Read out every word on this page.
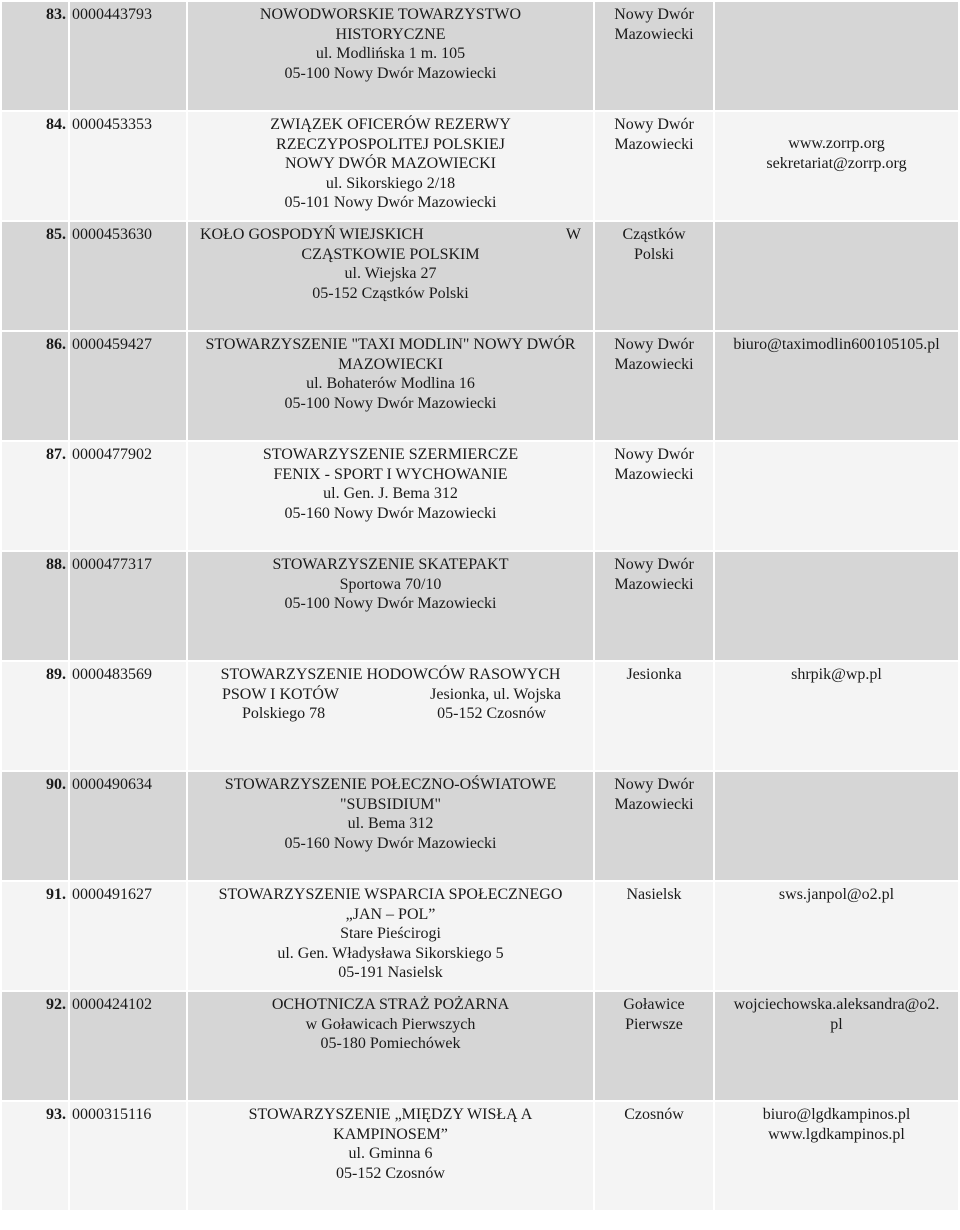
83.	0000443793	NOWODWORSKIE TOWARZYSTWO
HISTORYCZNE
ul. Modlińska 1 m. 105
05-100 Nowy Dwór Mazowiecki	Nowy Dwór
Mazowiecki	

84.	0000453353	ZWIĄZEK OFICERÓW REZERWY
RZECZYPOSPOLITEJ POLSKIEJ
NOWY DWÓR MAZOWIECKI
ul. Sikorskiego 2/18
05-101 Nowy Dwór Mazowiecki	Nowy Dwór
Mazowiecki	www.zorrp.org
sekretariat@zorrp.org

85.	0000453630	KOŁO GOSPODYŃ WIEJSKICH W
CZĄSTKOWIE POLSKIM
ul. Wiejska 27
05-152 Cząstków Polski	Cząstków
Polski	

86.	0000459427	STOWARZYSZENIE "TAXI MODLIN" NOWY DWÓR
MAZOWIECKI
ul. Bohaterów Modlina 16
05-100 Nowy Dwór Mazowiecki	Nowy Dwór
Mazowiecki	biuro@taximodlin600105105.pl

87.	0000477902	STOWARZYSZENIE SZERMIERCZE
FENIX - SPORT I WYCHOWANIE
ul. Gen. J. Bema 312
05-160 Nowy Dwór Mazowiecki	Nowy Dwór
Mazowiecki	

88.	0000477317	STOWARZYSZENIE SKATEPAKT
Sportowa 70/10
05-100 Nowy Dwór Mazowiecki	Nowy Dwór
Mazowiecki	

89.	0000483569	STOWARZYSZENIE HODOWCÓW RASOWYCH
PSOW I KOTÓW Jesionka, ul. Wojska
Polskiego 78 05-152 Czosnów	Jesionka	shrpik@wp.pl

90.	0000490634	STOWARZYSZENIE POŁECZNO-OŚWIATOWE
"SUBSIDIUM"
ul. Bema 312
05-160 Nowy Dwór Mazowiecki	Nowy Dwór
Mazowiecki	

91.	0000491627	STOWARZYSZENIE WSPARCIA SPOŁECZNEGO
„JAN – POL”
Stare Pieścirogi
ul. Gen. Władysława Sikorskiego 5
05-191 Nasielsk	Nasielsk	sws.janpol@o2.pl

92.	0000424102	OCHOTNICZA STRAŻ POŻARNA
w Goławicach Pierwszych
05-180 Pomiechówek	Goławice
Pierwsze	wojciechowska.aleksandra@o2.
pl

93.	0000315116	STOWARZYSZENIE „MIĘDZY WISŁĄ A
KAMPINOSEM”
ul. Gminna 6
05-152 Czosnów	Czosnów	biuro@lgdkampinos.pl
www.lgdkampinos.pl
